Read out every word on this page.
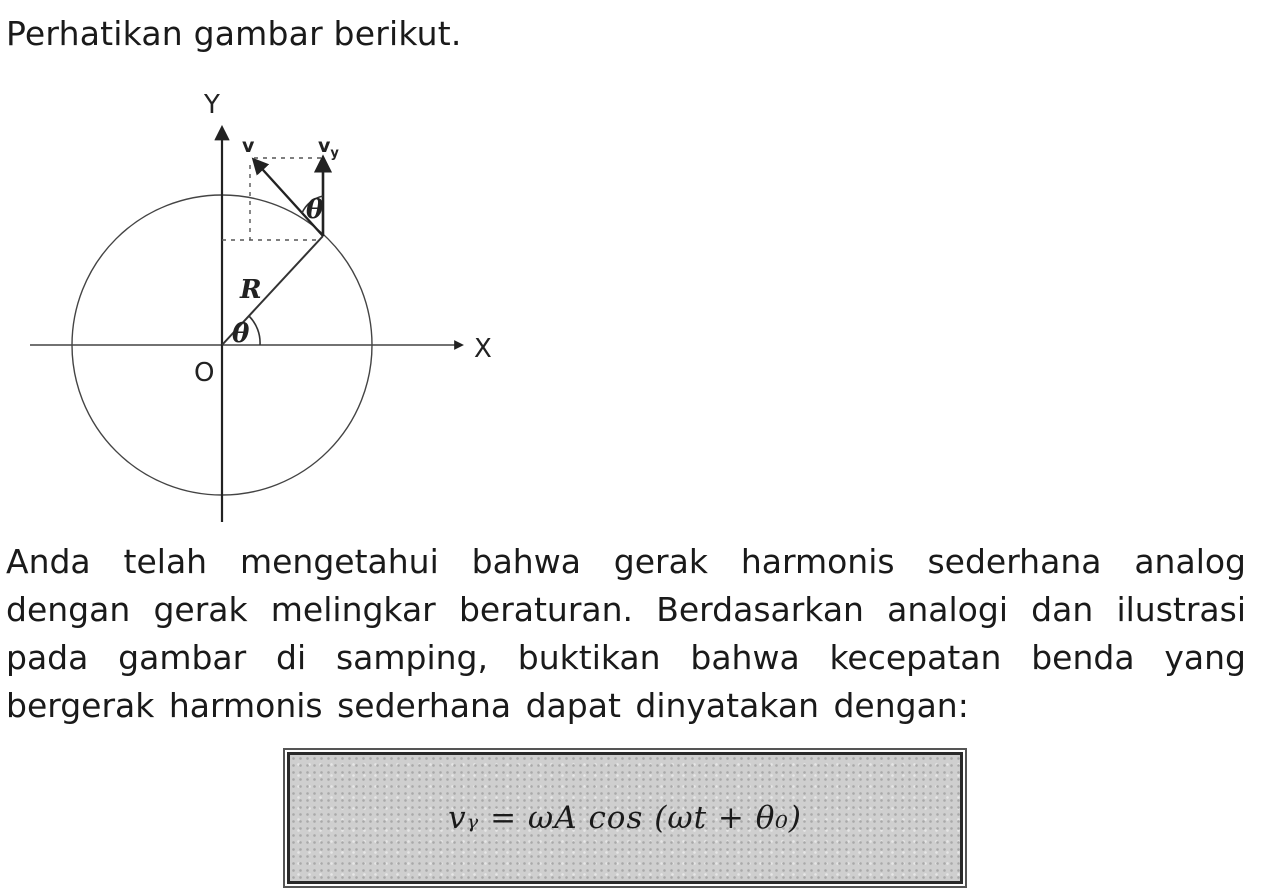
Perhatikan gambar berikut.
Y
X
O
v	$v_y$
R
θ
θ
Anda telah mengetahui bahwa gerak harmonis sederhana analog dengan gerak melingkar beraturan. Berdasarkan analogi dan ilustrasi pada gambar di samping, buktikan bahwa kecepatan benda yang bergerak harmonis sederhana dapat dinyatakan dengan:
vᵧ = ωA cos (ωt + θ₀)
